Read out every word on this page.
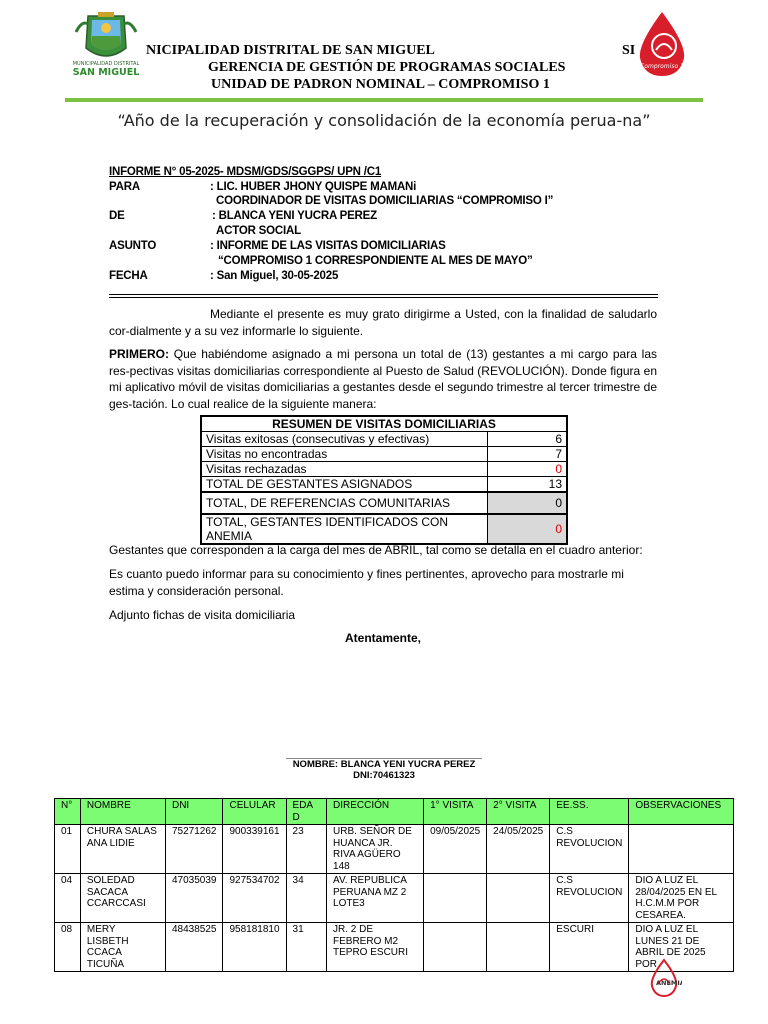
MUNICIPALIDAD DISTRITAL
SAN MIGUEL
NICIPALIDAD DISTRITAL DE SAN MIGUEL	SI
GERENCIA DE GESTIÓN DE PROGRAMAS SOCIALES
UNIDAD DE PADRON NOMINAL – COMPROMISO 1
Compromiso 1
“Año de la recuperación y consolidación de la economía perua-na”
INFORME N° 05-2025- MDSM/GDS/SGGPS/ UPN /C1
PARA	: LIC. HUBER JHONY QUISPE MAMANi
COORDINADOR DE VISITAS DOMICILIARIAS “COMPROMISO I”
DE	: BLANCA YENI YUCRA PEREZ
ACTOR SOCIAL
ASUNTO	: INFORME DE LAS VISITAS DOMICILIARIAS
“COMPROMISO 1 CORRESPONDIENTE AL MES DE MAYO”
FECHA	: San Miguel, 30-05-2025
Mediante el presente es muy grato dirigirme a Usted, con la finalidad de saludarlo cor-dialmente y a su vez informarle lo siguiente.
PRIMERO: Que habiéndome asignado a mi persona un total de (13) gestantes a mi cargo para las res-pectivas visitas domiciliarias correspondiente al Puesto de Salud (REVOLUCIÓN). Donde figura en mi aplicativo móvil de visitas domiciliarias a gestantes desde el segundo trimestre al tercer trimestre de ges-tación. Lo cual realice de la siguiente manera:
RESUMEN DE VISITAS DOMICILIARIAS	
Visitas exitosas (consecutivas y efectivas)	6
Visitas no encontradas	7
Visitas rechazadas	0
TOTAL DE GESTANTES ASIGNADOS	13
TOTAL, DE REFERENCIAS COMUNITARIAS	0
TOTAL, GESTANTES IDENTIFICADOS CON ANEMIA	0
Gestantes que corresponden a la carga del mes de ABRIL, tal como se detalla en el cuadro anterior:
Es cuanto puedo informar para su conocimiento y fines pertinentes, aprovecho para mostrarle mi estima y consideración personal.
Adjunto fichas de visita domiciliaria
Atentamente,
NOMBRE: BLANCA YENI YUCRA PEREZ
DNI:70461323
N°	NOMBRE	DNI	CELULAR	EDA D	DIRECCIÓN	1° VISITA	2° VISITA	EE.SS.	OBSERVACIONES
01	CHURA SALAS ANA LIDIE	75271262	900339161	23	URB. SEÑOR DE HUANCA JR. RIVA AGÜERO 148	09/05/2025	24/05/2025	C.S REVOLUCION	
04	SOLEDAD SACACA CCARCCASI	47035039	927534702	34	AV. REPUBLICA PERUANA MZ 2 LOTE3			C.S REVOLUCION	DIO A LUZ EL 28/04/2025 EN EL H.C.M.M POR CESAREA.
08	MERY LISBETH CCACA TICUÑA	48438525	958181810	31	JR. 2 DE FEBRERO M2 TEPRO ESCURI			ESCURI	DIO A LUZ EL LUNES 21 DE ABRIL DE 2025 POR
ANEMIA
